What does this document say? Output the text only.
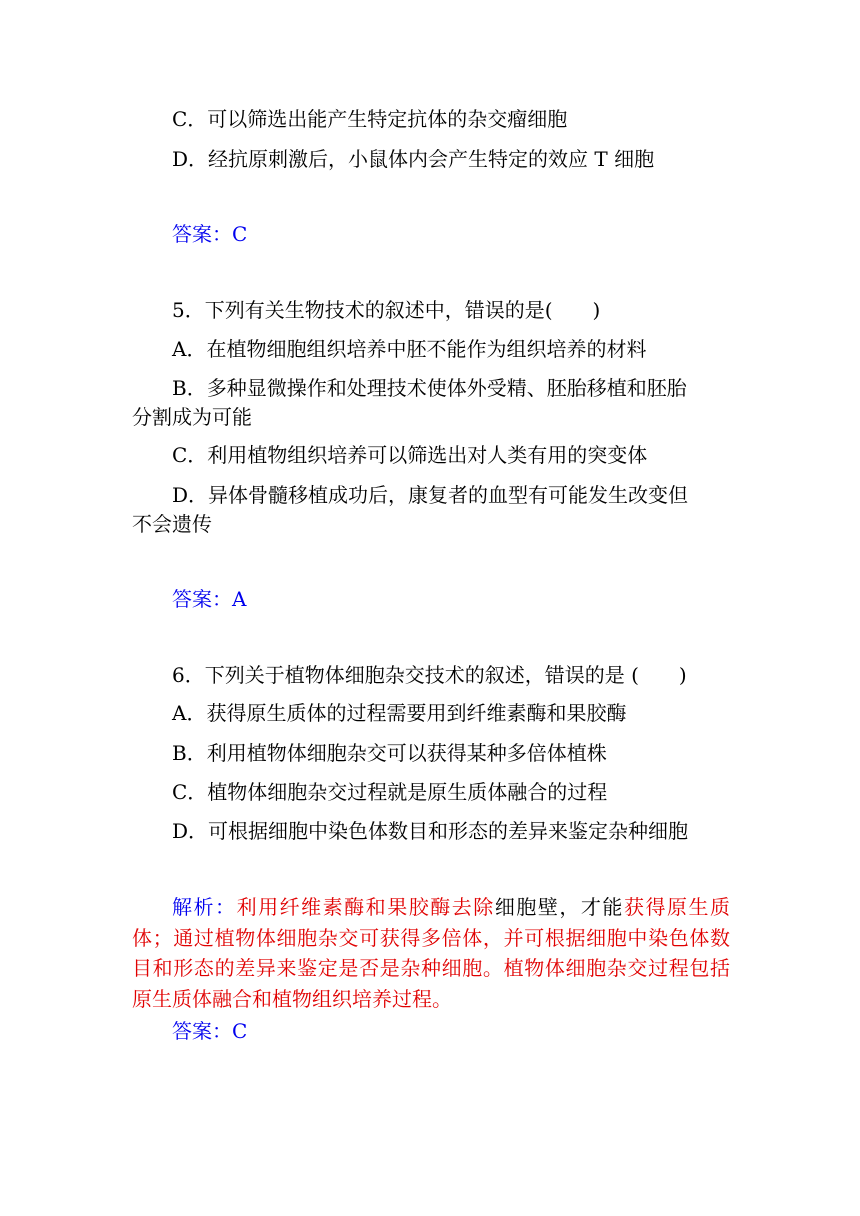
C．可以筛选出能产生特定抗体的杂交瘤细胞
D．经抗原刺激后，小鼠体内会产生特定的效应 T 细胞
答案：C
5．下列有关生物技术的叙述中，错误的是(　　)
A．在植物细胞组织培养中胚不能作为组织培养的材料
B．多种显微操作和处理技术使体外受精、胚胎移植和胚胎
分割成为可能
C．利用植物组织培养可以筛选出对人类有用的突变体
D．异体骨髓移植成功后，康复者的血型有可能发生改变但
不会遗传
答案：A
6．下列关于植物体细胞杂交技术的叙述，错误的是 (　　)
A．获得原生质体的过程需要用到纤维素酶和果胶酶
B．利用植物体细胞杂交可以获得某种多倍体植株
C．植物体细胞杂交过程就是原生质体融合的过程
D．可根据细胞中染色体数目和形态的差异来鉴定杂种细胞
解析：利用纤维素酶和果胶酶去除细胞壁，才能获得原生质体；通过植物体细胞杂交可获得多倍体，并可根据细胞中染色体数目和形态的差异来鉴定是否是杂种细胞。植物体细胞杂交过程包括原生质体融合和植物组织培养过程。
答案：C
